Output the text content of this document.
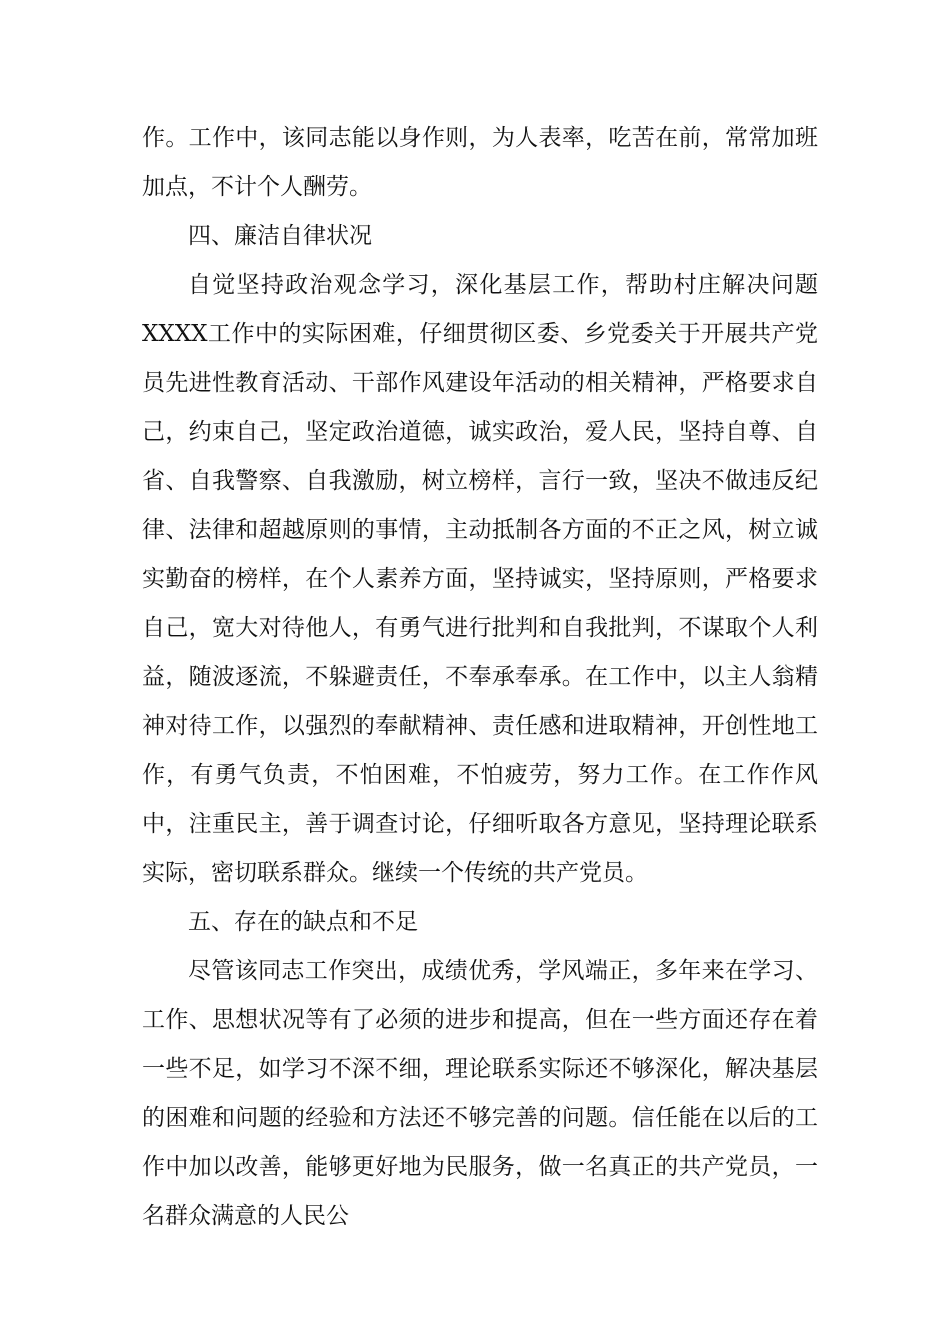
作。工作中，该同志能以身作则，为人表率，吃苦在前，常常加班加点，不计个人酬劳。

四、廉洁自律状况

自觉坚持政治观念学习，深化基层工作，帮助村庄解决问题XXXX工作中的实际困难，仔细贯彻区委、乡党委关于开展共产党员先进性教育活动、干部作风建设年活动的相关精神，严格要求自己，约束自己，坚定政治道德，诚实政治，爱人民，坚持自尊、自省、自我警察、自我激励，树立榜样，言行一致，坚决不做违反纪律、法律和超越原则的事情，主动抵制各方面的不正之风，树立诚实勤奋的榜样，在个人素养方面，坚持诚实，坚持原则，严格要求自己，宽大对待他人，有勇气进行批判和自我批判，不谋取个人利益，随波逐流，不躲避责任，不奉承奉承。在工作中，以主人翁精神对待工作，以强烈的奉献精神、责任感和进取精神，开创性地工作，有勇气负责，不怕困难，不怕疲劳，努力工作。在工作作风中，注重民主，善于调查讨论，仔细听取各方意见，坚持理论联系实际，密切联系群众。继续一个传统的共产党员。

五、存在的缺点和不足

尽管该同志工作突出，成绩优秀，学风端正，多年来在学习、工作、思想状况等有了必须的进步和提高，但在一些方面还存在着一些不足，如学习不深不细，理论联系实际还不够深化，解决基层的困难和问题的经验和方法还不够完善的问题。信任能在以后的工作中加以改善，能够更好地为民服务，做一名真正的共产党员，一名群众满意的人民公
